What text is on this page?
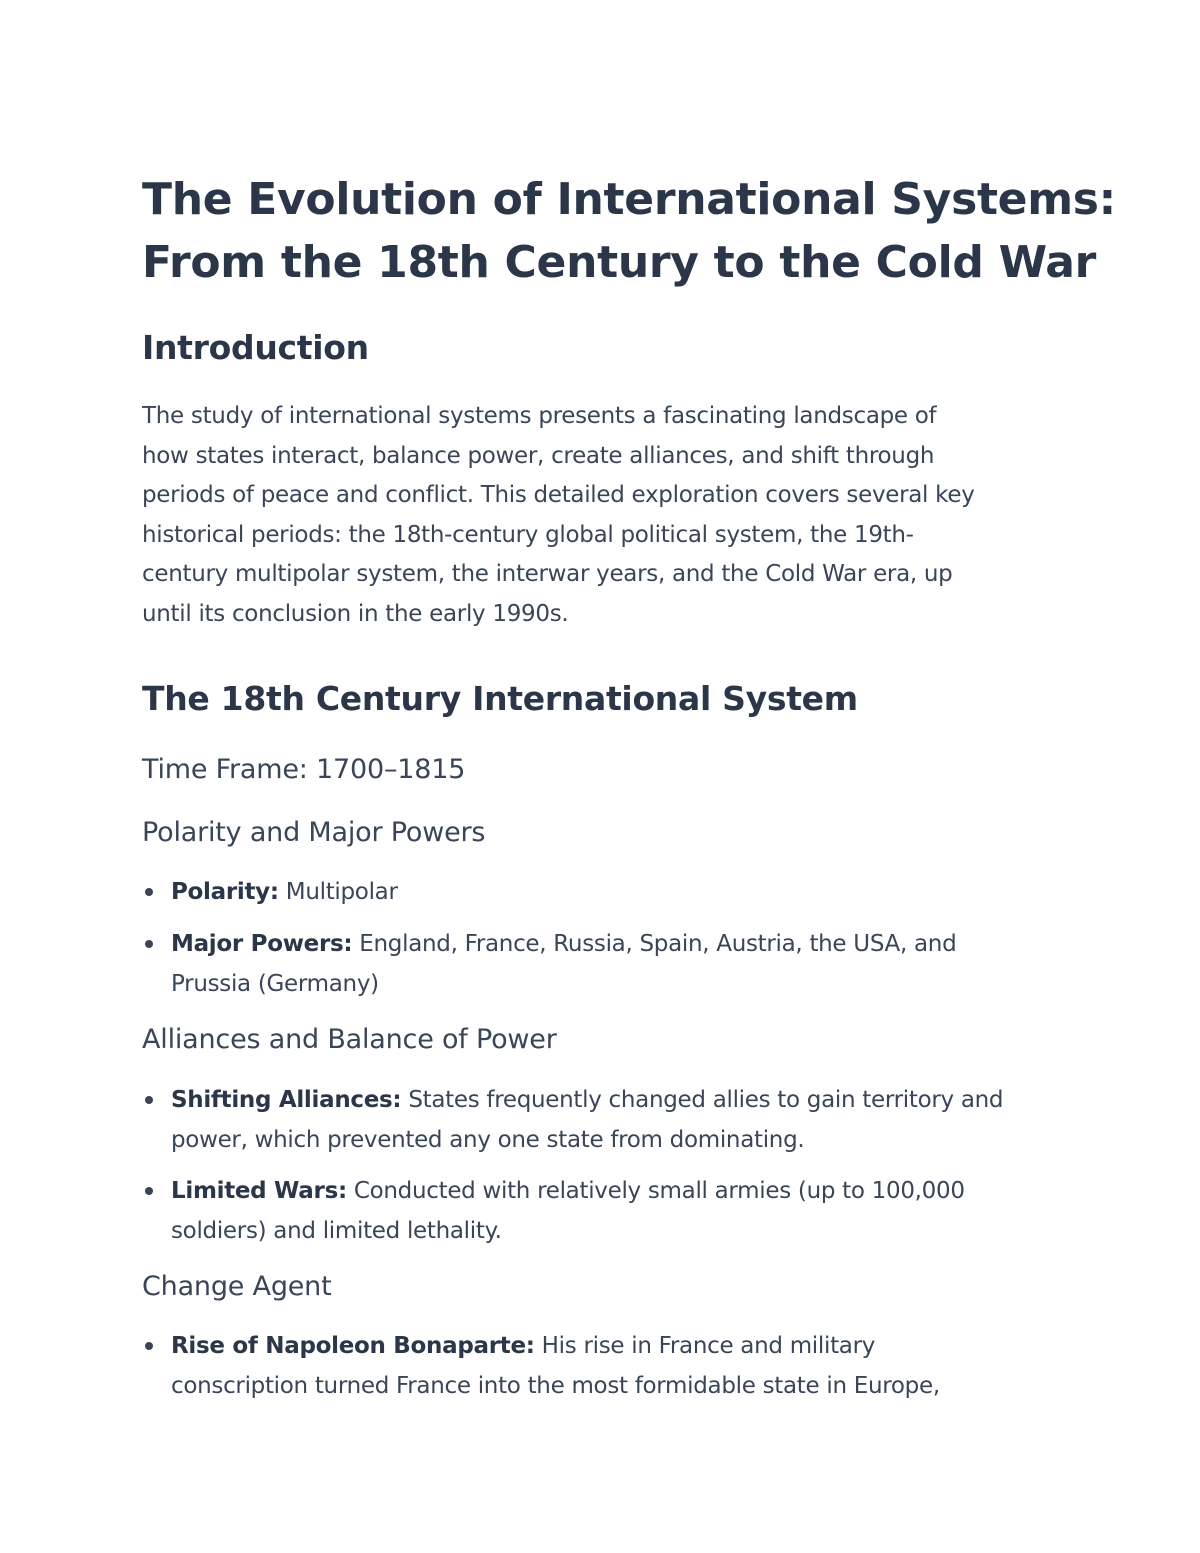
The Evolution of International Systems:
From the 18th Century to the Cold War
Introduction

The study of international systems presents a fascinating landscape of
how states interact, balance power, create alliances, and shift through
periods of peace and conflict. This detailed exploration covers several key
historical periods: the 18th-century global political system, the 19th-
century multipolar system, the interwar years, and the Cold War era, up
until its conclusion in the early 1990s.

The 18th Century International System
Time Frame: 1700–1815
Polarity and Major Powers
Polarity: Multipolar
Major Powers: England, France, Russia, Spain, Austria, the USA, and
Prussia (Germany)
Alliances and Balance of Power
Shifting Alliances: States frequently changed allies to gain territory and
power, which prevented any one state from dominating.
Limited Wars: Conducted with relatively small armies (up to 100,000
soldiers) and limited lethality.
Change Agent
Rise of Napoleon Bonaparte: His rise in France and military
conscription turned France into the most formidable state in Europe,
